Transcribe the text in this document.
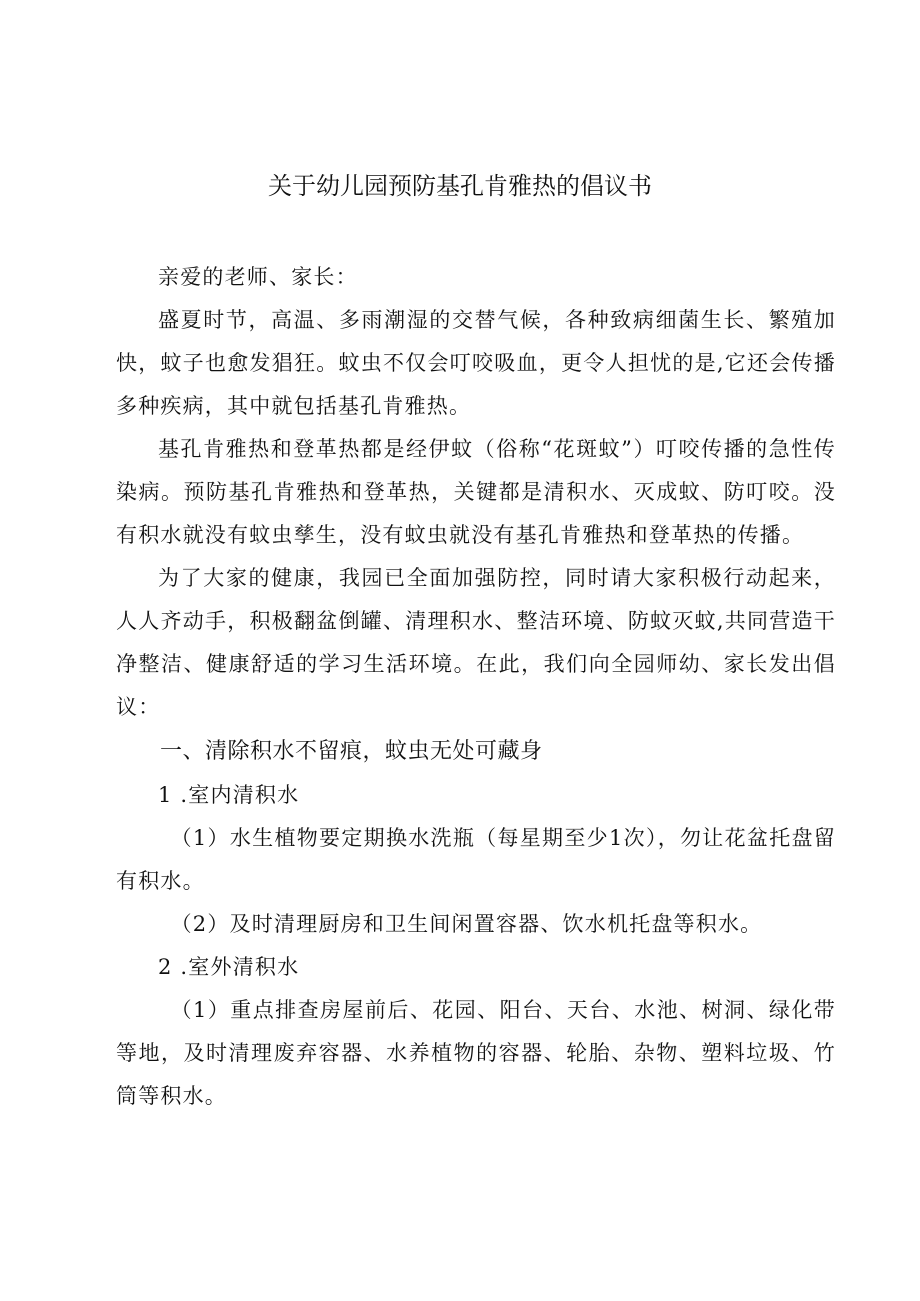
关于幼儿园预防基孔肯雅热的倡议书

亲爱的老师、家长：

盛夏时节，高温、多雨潮湿的交替气候，各种致病细菌生长、繁殖加快，蚊子也愈发猖狂。蚊虫不仅会叮咬吸血，更令人担忧的是,它还会传播多种疾病，其中就包括基孔肯雅热。

基孔肯雅热和登革热都是经伊蚊（俗称“花斑蚊”）叮咬传播的急性传染病。预防基孔肯雅热和登革热，关键都是清积水、灭成蚊、防叮咬。没有积水就没有蚊虫孳生，没有蚊虫就没有基孔肯雅热和登革热的传播。

为了大家的健康，我园已全面加强防控，同时请大家积极行动起来，人人齐动手，积极翻盆倒罐、清理积水、整洁环境、防蚊灭蚊,共同营造干净整洁、健康舒适的学习生活环境。在此，我们向全园师幼、家长发出倡议：

一、清除积水不留痕，蚊虫无处可藏身

1 .室内清积水

（1）水生植物要定期换水洗瓶（每星期至少1次），勿让花盆托盘留有积水。

（2）及时清理厨房和卫生间闲置容器、饮水机托盘等积水。

2 .室外清积水

（1）重点排查房屋前后、花园、阳台、天台、水池、树洞、绿化带等地，及时清理废弃容器、水养植物的容器、轮胎、杂物、塑料垃圾、竹筒等积水。
